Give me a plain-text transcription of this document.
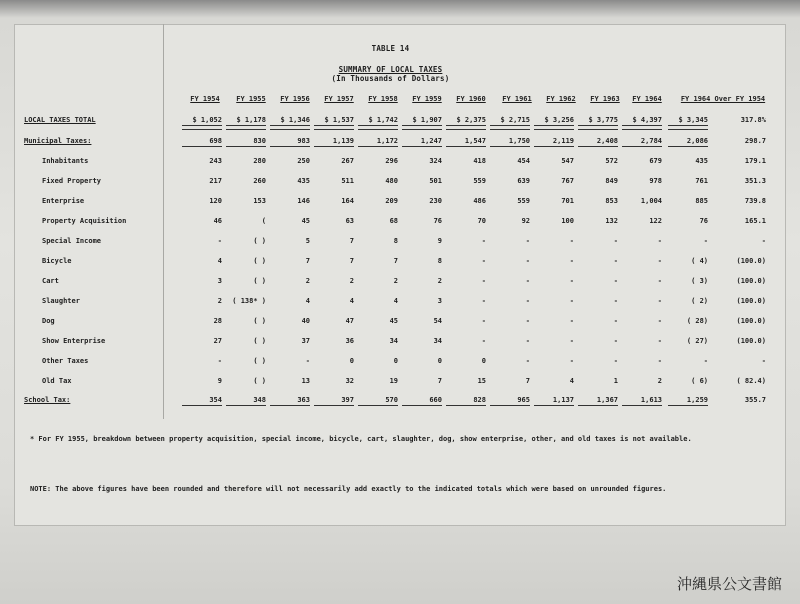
TABLE 14
SUMMARY OF LOCAL TAXES
(In Thousands of Dollars)
FY 1954	FY 1955	FY 1956	FY 1957	FY 1958	FY 1959	FY 1960	FY 1961	FY 1962	FY 1963	FY 1964	FY 1964 Over FY 1954
LOCAL TAXES TOTAL	$ 1,052	$ 1,178	$ 1,346	$ 1,537	$ 1,742	$ 1,907	$ 2,375	$ 2,715	$ 3,256	$ 3,775	$ 4,397	$ 3,345	317.8%
Municipal Taxes:	698	830	983	1,139	1,172	1,247	1,547	1,750	2,119	2,408	2,784	2,086	298.7
Inhabitants	243	280	250	267	296	324	418	454	547	572	679	435	179.1
Fixed Property	217	260	435	511	480	501	559	639	767	849	978	761	351.3
Enterprise	120	153	146	164	209	230	486	559	701	853	1,004	885	739.8
Property Acquisition	46	(	45	63	68	76	70	92	100	132	122	76	165.1
Special Income	-	( )	5	7	8	9	-	-	-	-	-	-	-
Bicycle	4	( )	7	7	7	8	-	-	-	-	-	( 4)	(100.0)
Cart	3	( )	2	2	2	2	-	-	-	-	-	( 3)	(100.0)
Slaughter	2	( 138* )	4	4	4	3	-	-	-	-	-	( 2)	(100.0)
Dog	28	( )	40	47	45	54	-	-	-	-	-	( 28)	(100.0)
Show Enterprise	27	( )	37	36	34	34	-	-	-	-	-	( 27)	(100.0)
Other Taxes	-	( )	-	0	0	0	0	-	-	-	-	-	-
Old Tax	9	( )	13	32	19	7	15	7	4	1	2	( 6)	( 82.4)
School Tax:	354	348	363	397	570	660	828	965	1,137	1,367	1,613	1,259	355.7
* For FY 1955, breakdown between property acquisition, special income, bicycle, cart, slaughter, dog, show enterprise, other, and old taxes is not available.
NOTE: The above figures have been rounded and therefore will not necessarily add exactly to the indicated totals which were based on unrounded figures.
沖縄県公文書館
